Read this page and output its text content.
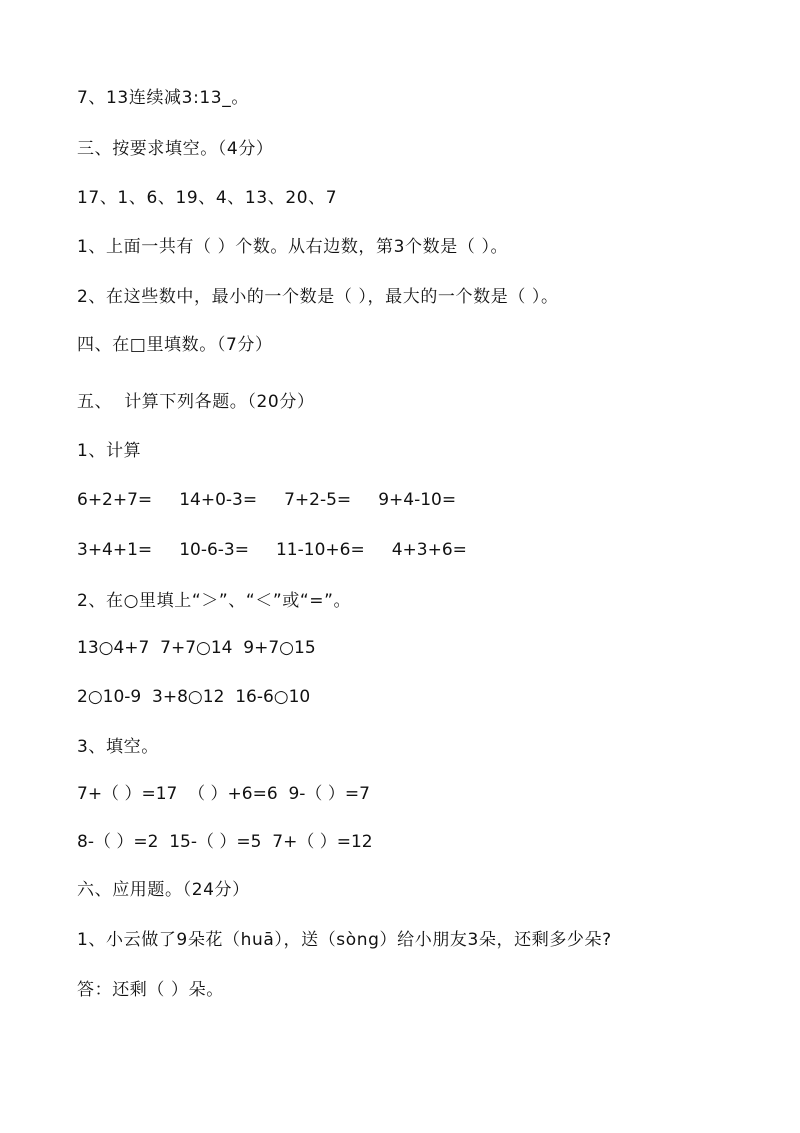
7、13连续减3:13_。
三、按要求填空。（4分）
17、1、6、19、4、13、20、7
1、上面一共有（ ）个数。从右边数，第3个数是（ ）。
2、在这些数中，最小的一个数是（ ），最大的一个数是（ ）。
四、在□里填数。（7分）
五、  计算下列各题。（20分）
1、计算
6+2+7=     14+0-3=     7+2-5=     9+4-10=
3+4+1=     10-6-3=     11-10+6=     4+3+6=
2、在○里填上“＞”、“＜”或“=”。
13○4+7  7+7○14  9+7○15
2○10-9  3+8○12  16-6○10
3、填空。
7+（ ）=17  （ ）+6=6  9-（ ）=7
8-（ ）=2  15-（ ）=5  7+（ ）=12
六、应用题。（24分）
1、小云做了9朵花（huā），送（sòng）给小朋友3朵，还剩多少朵?
答：还剩（ ）朵。
